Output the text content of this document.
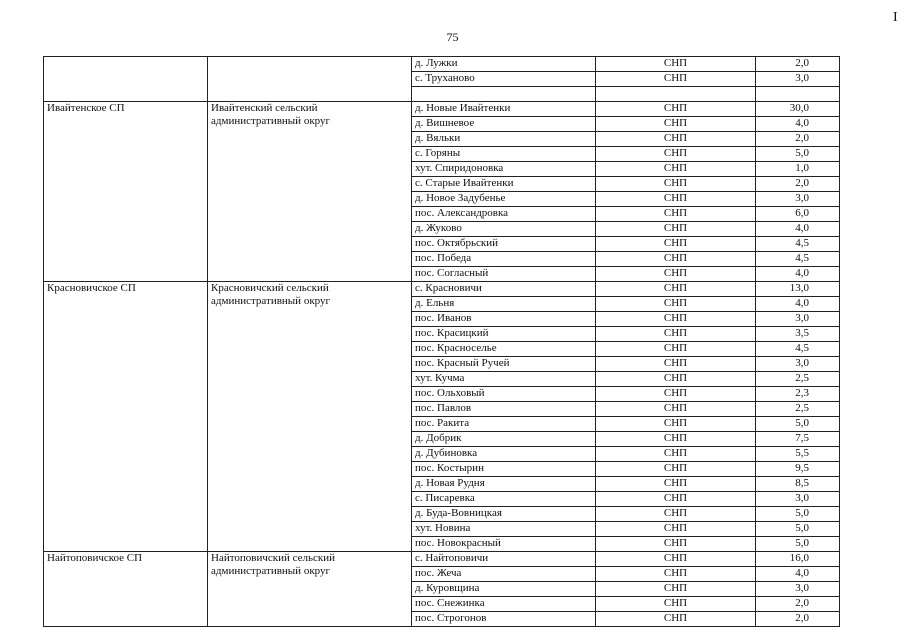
75
I
		д. Лужки	СНП	2,0
		с. Труханово	СНП	3,0

Ивайтенское СП	Ивайтенский сельский административный округ	д. Новые Ивайтенки	СНП	30,0
		д. Вишневое	СНП	4,0
		д. Вяльки	СНП	2,0
		с. Горяны	СНП	5,0
		хут. Спиридоновка	СНП	1,0
		с. Старые Ивайтенки	СНП	2,0
		д. Новое Задубенье	СНП	3,0
		пос. Александровка	СНП	6,0
		д. Жуково	СНП	4,0
		пос. Октябрьский	СНП	4,5
		пос. Победа	СНП	4,5
		пос. Согласный	СНП	4,0
Красновичское СП	Красновичский сельский административный округ	с. Красновичи	СНП	13,0
		д. Ельня	СНП	4,0
		пос. Иванов	СНП	3,0
		пос. Красицкий	СНП	3,5
		пос. Красноселье	СНП	4,5
		пос. Красный Ручей	СНП	3,0
		хут. Кучма	СНП	2,5
		пос. Ольховый	СНП	2,3
		пос. Павлов	СНП	2,5
		пос. Ракита	СНП	5,0
		д. Добрик	СНП	7,5
		д. Дубиновка	СНП	5,5
		пос. Костырин	СНП	9,5
		д. Новая Рудня	СНП	8,5
		с. Писаревка	СНП	3,0
		д. Буда-Вовницкая	СНП	5,0
		хут. Новина	СНП	5,0
		пос. Новокрасный	СНП	5,0
Найтоповичское СП	Найтоповичский сельский административный округ	с. Найтоповичи	СНП	16,0
		пос. Жеча	СНП	4,0
		д. Куровщина	СНП	3,0
		пос. Снежинка	СНП	2,0
		пос. Строгонов	СНП	2,0
